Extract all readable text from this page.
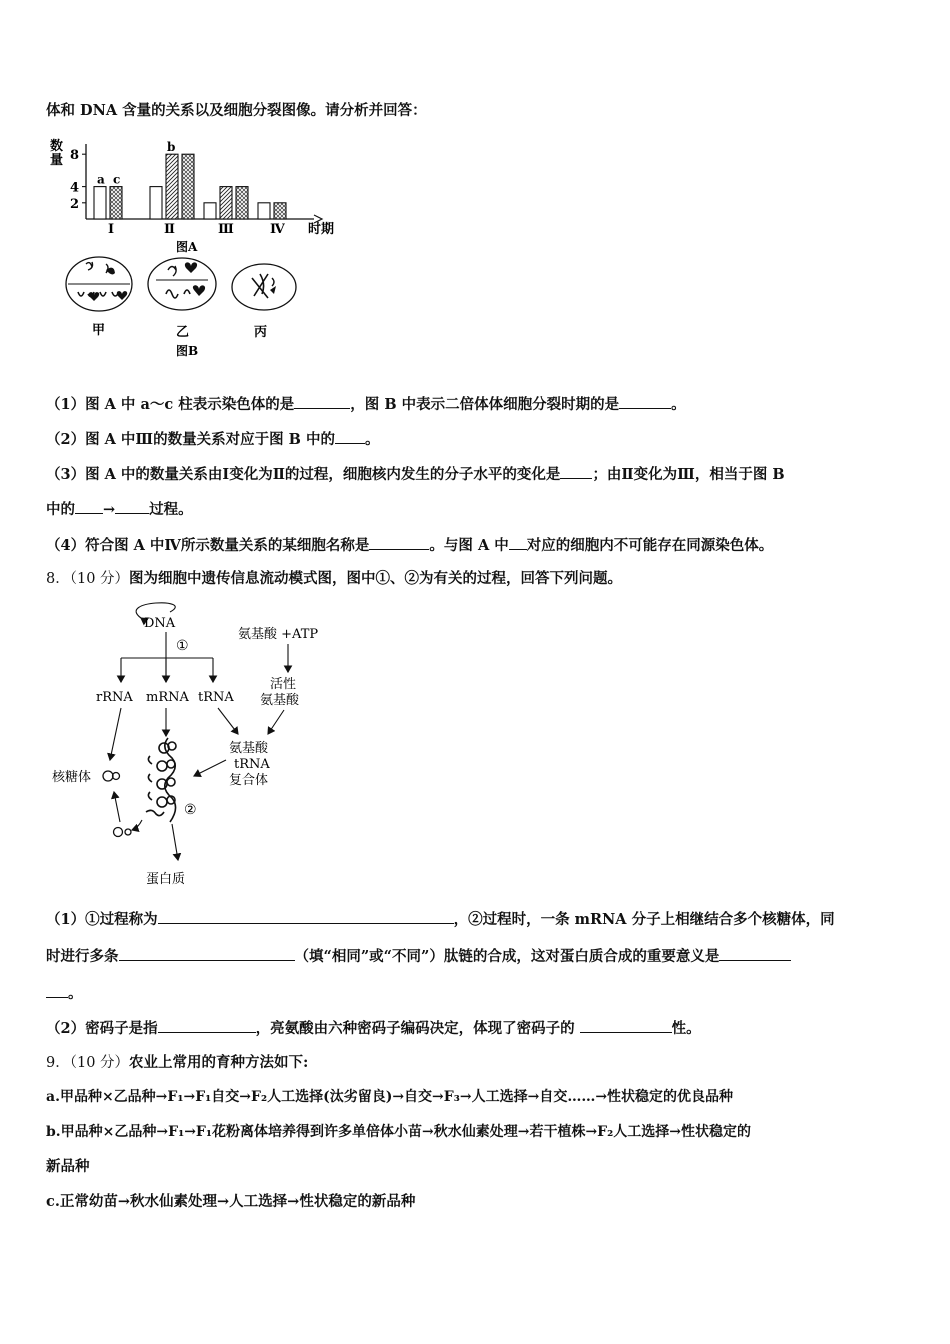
体和 DNA 含量的关系以及细胞分裂图像。请分析并回答：
数
量 8
4
2
a c
b
Ⅰ	Ⅱ	Ⅲ	Ⅳ 时期
图A
甲	乙	丙
图B
（1）图 A 中 a～c 柱表示染色体的是	，图 B 中表示二倍体体细胞分裂时期的是	。
（2）图 A 中Ⅲ的数量关系对应于图 B 中的 。
（3）图 A 中的数量关系由Ⅰ变化为Ⅱ的过程，细胞核内发生的分子水平的变化是 ；由Ⅱ变化为Ⅲ，相当于图 B
中的 → 过程。
（4）符合图 A 中Ⅳ所示数量关系的某细胞名称是	。与图 A 中 对应的细胞内不可能存在同源染色体。
8．（10 分）图为细胞中遗传信息流动模式图，图中①、②为有关的过程，回答下列问题。
DNA
①
rRNA mRNA tRNA
氨基酸 +ATP
活性
氨基酸
氨基酸
tRNA
复合体
②
蛋白质
核糖体
（1）①过程称为	，②过程时，一条 mRNA 分子上相继结合多个核糖体，同
时进行多条	（填“相同”或“不同”）肽链的合成，这对蛋白质合成的重要意义是
。
（2）密码子是指	，亮氨酸由六种密码子编码决定，体现了密码子的	性。
9．（10 分）农业上常用的育种方法如下:
a.甲品种×乙品种→F₁→F₁自交→F₂人工选择(汰劣留良)→自交→F₃→人工选择→自交……→性状稳定的优良品种
b.甲品种×乙品种→F₁→F₁花粉离体培养得到许多单倍体小苗→秋水仙素处理→若干植株→F₂人工选择→性状稳定的
新品种
c.正常幼苗→秋水仙素处理→人工选择→性状稳定的新品种
